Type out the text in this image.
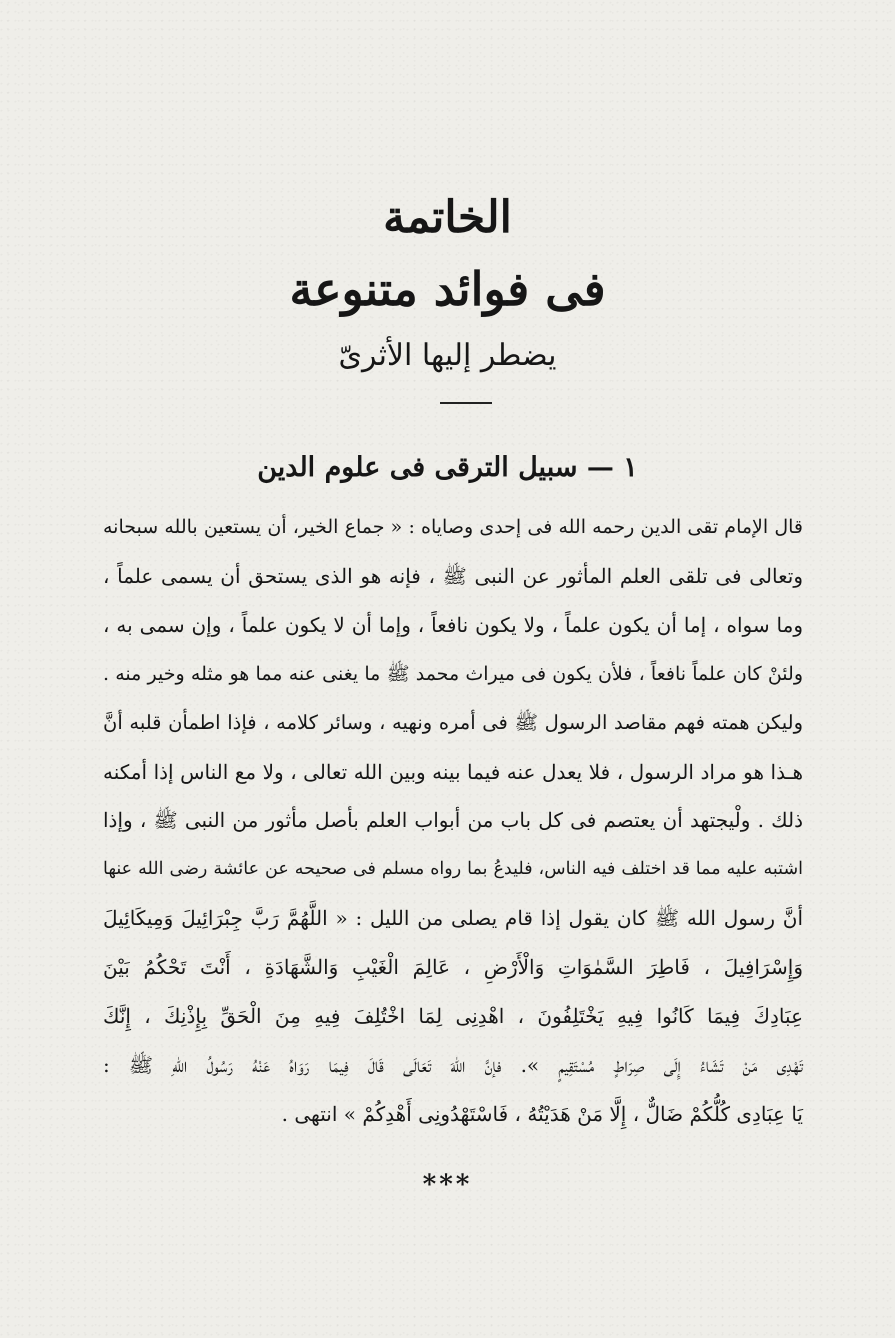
الخاتمة

فى فوائد متنوعة

يضطر إليها الأثرىّ

١ — سبيل الترقى فى علوم الدين
قال الإمام تقى الدين رحمه الله فى إحدى وصاياه : « جماع الخير، أن يستعين بالله سبحانه
وتعالى فى تلقى العلم المأثور عن النبى ﷺ ، فإنه هو الذى يستحق أن يسمى علماً ،
وما سواه ، إما أن يكون علماً ، ولا يكون نافعاً ، وإما أن لا يكون علماً ، وإن سمى به ،
ولئنْ كان علماً نافعاً ، فلأن يكون فى ميراث محمد ﷺ ما يغنى عنه مما هو مثله وخير منه .
وليكن همته فهم مقاصد الرسول ﷺ فى أمره ونهيه ، وسائر كلامه ، فإذا اطمأن قلبه أنَّ
هـذا هو مراد الرسول ، فلا يعدل عنه فيما بينه وبين الله تعالى ، ولا مع الناس إذا أمكنه
ذلك . ولْيجتهد أن يعتصم فى كل باب من أبواب العلم بأصل مأثور من النبى ﷺ ، وإذا
اشتبه عليه مما قد اختلف فيه الناس، فليدعُ بما رواه مسلم فى صحيحه عن عائشة رضى الله عنها
أنَّ رسول الله ﷺ كان يقول إذا قام يصلى من الليل : « اللَّهُمَّ رَبَّ جِبْرَائِيلَ وَمِيكَائِيلَ
وَإِسْرَافِيلَ ، فَاطِرَ السَّمٰوَاتِ وَالْأَرْضِ ، عَالِمَ الْغَيْبِ وَالشَّهَادَةِ ، أَنْتَ تَحْكُمُ بَيْنَ
عِبَادِكَ فِيمَا كَانُوا فِيهِ يَخْتَلِفُونَ ، اهْدِنِى لِمَا اخْتُلِفَ فِيهِ مِنَ الْحَقِّ بِإِذْنِكَ ، إِنَّكَ
تَهْدِى مَنْ تَشَاءُ إِلَى صِرَاطٍ مُسْتَقِيمٍ ». فإنَّ اللهَ تَعَالَى قَالَ فِيمَا رَوَاهُ عَنْهُ رَسُولُ اللهِ ﷺ :
يَا عِبَادِى كُلُّكُمْ ضَالٌّ ، إِلَّا مَنْ هَدَيْتُهُ ، فَاسْتَهْدُونِى أَهْدِكُمْ » انتهى .
***
